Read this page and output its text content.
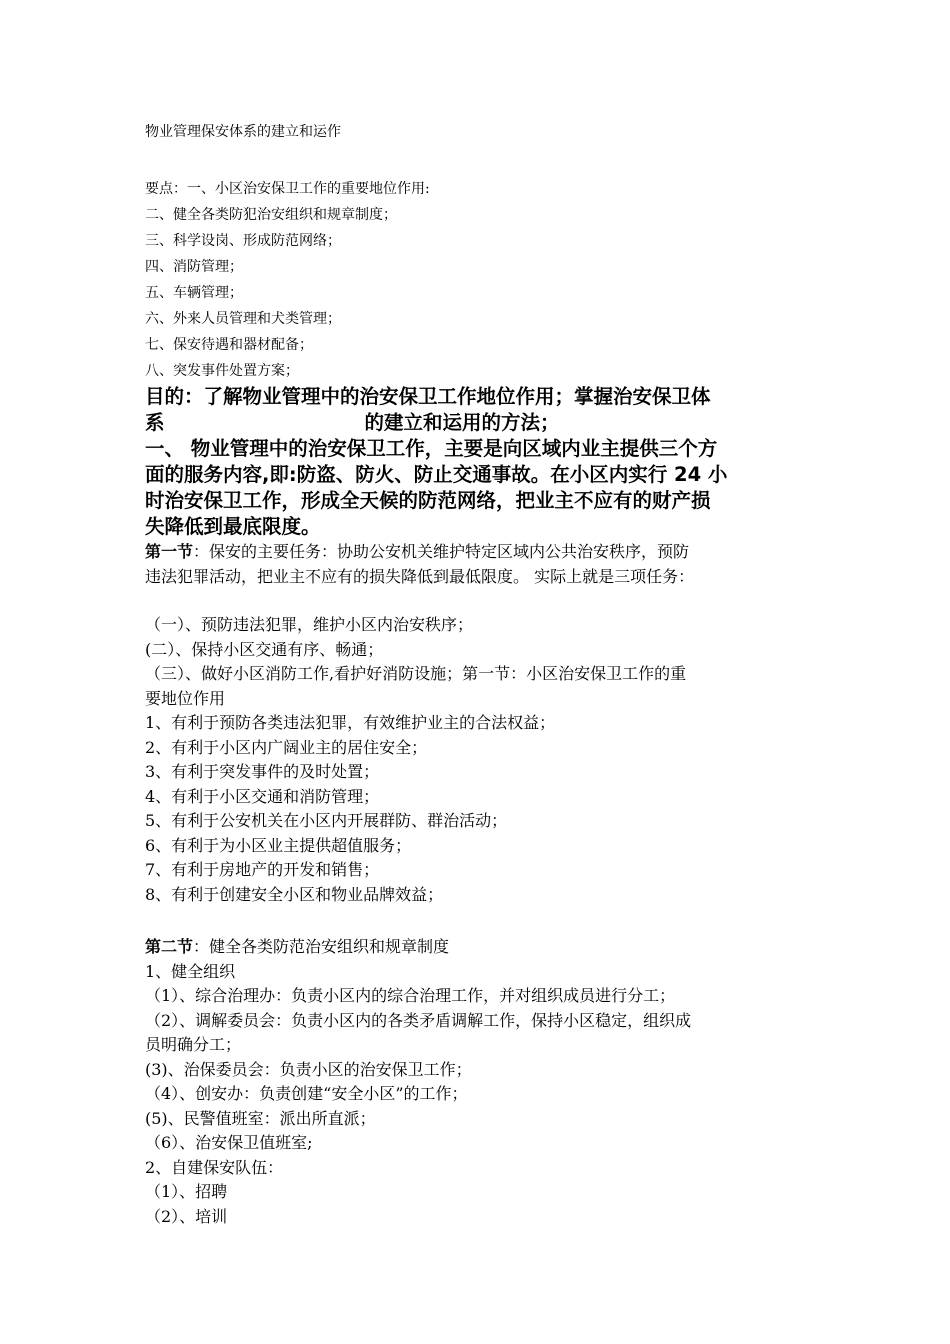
物业管理保安体系的建立和运作
要点：一、小区治安保卫工作的重要地位作用:
二、健全各类防犯治安组织和规章制度；
三、科学设岗、形成防范网络；
四、消防管理；
五、车辆管理；
六、外来人员管理和犬类管理；
七、保安待遇和器材配备；
八、突发事件处置方案；
目的：了解物业管理中的治安保卫工作地位作用；掌握治安保卫体
系	的建立和运用的方法；
一、 物业管理中的治安保卫工作，主要是向区域内业主提供三个方
面的服务内容,即:防盗、防火、防止交通事故。在小区内实行 24 小
时治安保卫工作，形成全天候的防范网络，把业主不应有的财产损
失降低到最底限度。
第一节：保安的主要任务：协助公安机关维护特定区域内公共治安秩序，预防
违法犯罪活动，把业主不应有的损失降低到最低限度。 实际上就是三项任务：
（一）、预防违法犯罪，维护小区内治安秩序；
(二）、保持小区交通有序、畅通；
（三）、做好小区消防工作,看护好消防设施；第一节：小区治安保卫工作的重
要地位作用
1、有利于预防各类违法犯罪，有效维护业主的合法权益；
2、有利于小区内广阔业主的居住安全；
3、有利于突发事件的及时处置；
4、有利于小区交通和消防管理；
5、有利于公安机关在小区内开展群防、群治活动；
6、有利于为小区业主提供超值服务；
7、有利于房地产的开发和销售；
8、有利于创建安全小区和物业品牌效益；
第二节：健全各类防范治安组织和规章制度
1、健全组织
（1）、综合治理办：负责小区内的综合治理工作，并对组织成员进行分工；
（2）、调解委员会：负责小区内的各类矛盾调解工作，保持小区稳定，组织成
员明确分工；
(3)、治保委员会：负责小区的治安保卫工作；
（4）、创安办：负责创建“安全小区”的工作；
(5)、民警值班室：派出所直派；
（6）、治安保卫值班室;
2、自建保安队伍：
（1）、招聘
（2）、培训
